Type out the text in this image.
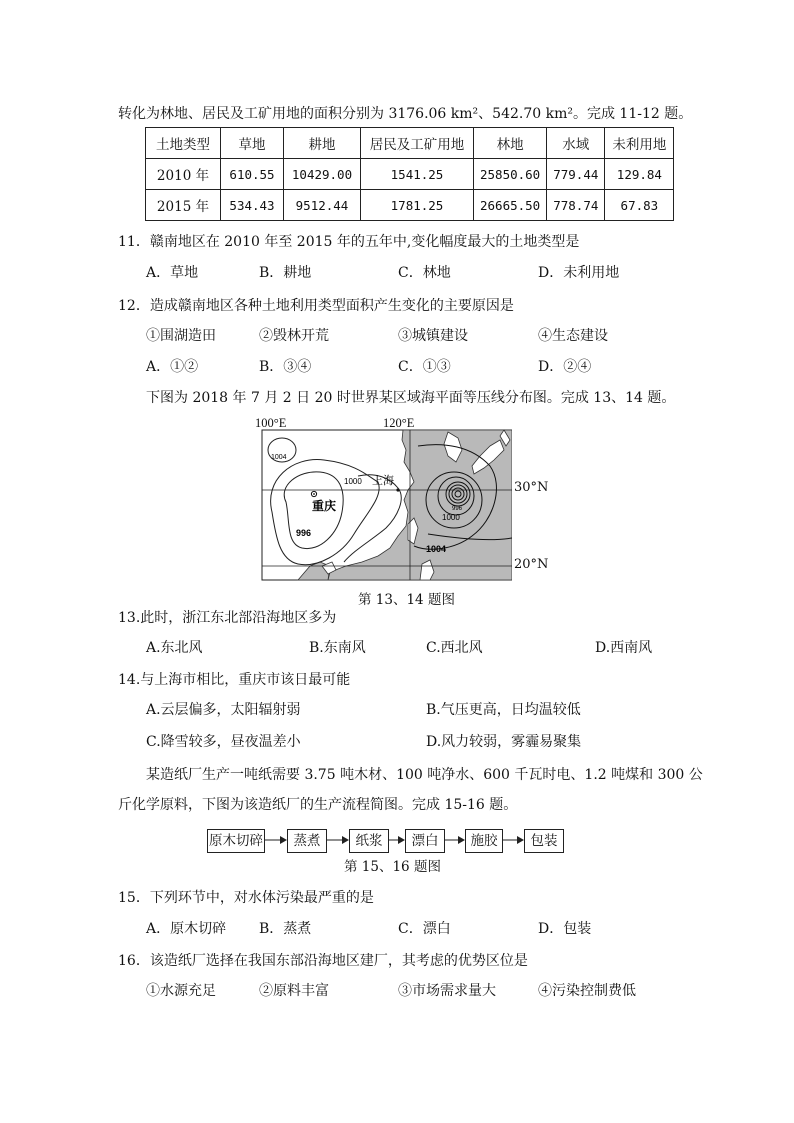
转化为林地、居民及工矿用地的面积分别为 3176.06 km²、542.70 km²。完成 11-12 题。
土地类型	草地	耕地	居民及工矿用地	林地	水域	未利用地
2010 年	610.55	10429.00	1541.25	25850.60	779.44	129.84
2015 年	534.43	9512.44	1781.25	26665.50	778.74	67.83
11．赣南地区在 2010 年至 2015 年的五年中,变化幅度最大的土地类型是
A．草地	B．耕地	C．林地	D．未利用地
12．造成赣南地区各种土地利用类型面积产生变化的主要原因是
①围湖造田	②毁林开荒	③城镇建设	④生态建设
A．①②	B．③④	C．①③	D．②④
下图为 2018 年 7 月 2 日 20 时世界某区域海平面等压线分布图。完成 13、14 题。
100°E	120°E
1004
1000 上海
重庆
996
996
1000
1004
30°N
20°N
第 13、14 题图
13.此时，浙江东北部沿海地区多为
A.东北风	B.东南风	C.西北风	D.西南风
14.与上海市相比，重庆市该日最可能
A.云层偏多，太阳辐射弱	B.气压更高，日均温较低
C.降雪较多，昼夜温差小	D.风力较弱，雾霾易聚集
某造纸厂生产一吨纸需要 3.75 吨木材、100 吨净水、600 千瓦时电、1.2 吨煤和 300 公
斤化学原料，下图为该造纸厂的生产流程简图。完成 15-16 题。
原木切碎	蒸煮	纸浆	漂白	施胶	包装
第 15、16 题图
15．下列环节中，对水体污染最严重的是
A．原木切碎 B．蒸煮	C．漂白	D．包装
16．该造纸厂选择在我国东部沿海地区建厂，其考虑的优势区位是
①水源充足	②原料丰富	③市场需求量大	④污染控制费低
